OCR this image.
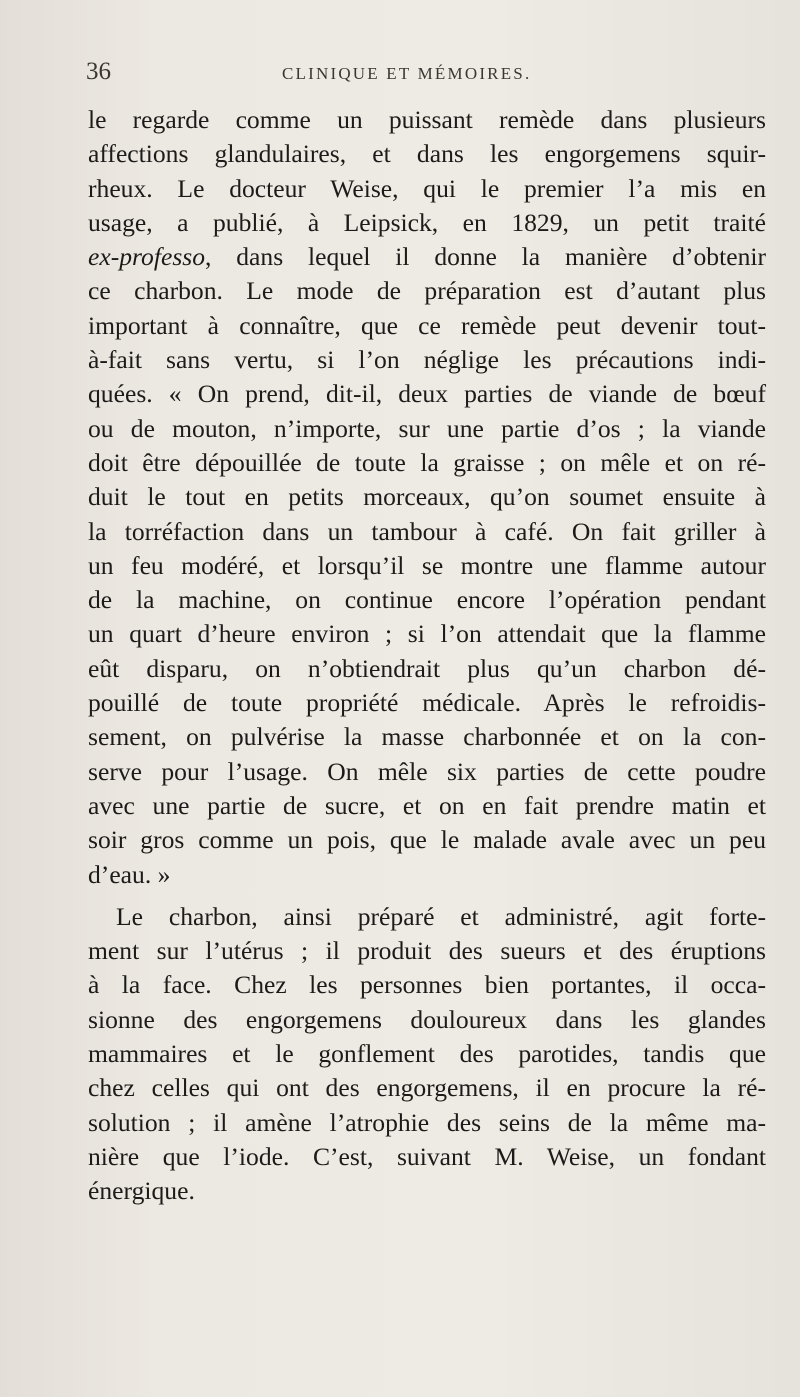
36	CLINIQUE ET MÉMOIRES.
le regarde comme un puissant remède dans plusieurs
affections glandulaires, et dans les engorgemens squir-
rheux. Le docteur Weise, qui le premier l’a mis en
usage, a publié, à Leipsick, en 1829, un petit traité
ex-professo, dans lequel il donne la manière d’obtenir
ce charbon. Le mode de préparation est d’autant plus
important à connaître, que ce remède peut devenir tout-
à-fait sans vertu, si l’on néglige les précautions indi-
quées. « On prend, dit-il, deux parties de viande de bœuf
ou de mouton, n’importe, sur une partie d’os ; la viande
doit être dépouillée de toute la graisse ; on mêle et on ré-
duit le tout en petits morceaux, qu’on soumet ensuite à
la torréfaction dans un tambour à café. On fait griller à
un feu modéré, et lorsqu’il se montre une flamme autour
de la machine, on continue encore l’opération pendant
un quart d’heure environ ; si l’on attendait que la flamme
eût disparu, on n’obtiendrait plus qu’un charbon dé-
pouillé de toute propriété médicale. Après le refroidis-
sement, on pulvérise la masse charbonnée et on la con-
serve pour l’usage. On mêle six parties de cette poudre
avec une partie de sucre, et on en fait prendre matin et
soir gros comme un pois, que le malade avale avec un peu
d’eau. »
Le charbon, ainsi préparé et administré, agit forte-
ment sur l’utérus ; il produit des sueurs et des éruptions
à la face. Chez les personnes bien portantes, il occa-
sionne des engorgemens douloureux dans les glandes
mammaires et le gonflement des parotides, tandis que
chez celles qui ont des engorgemens, il en procure la ré-
solution ; il amène l’atrophie des seins de la même ma-
nière que l’iode. C’est, suivant M. Weise, un fondant
énergique.
